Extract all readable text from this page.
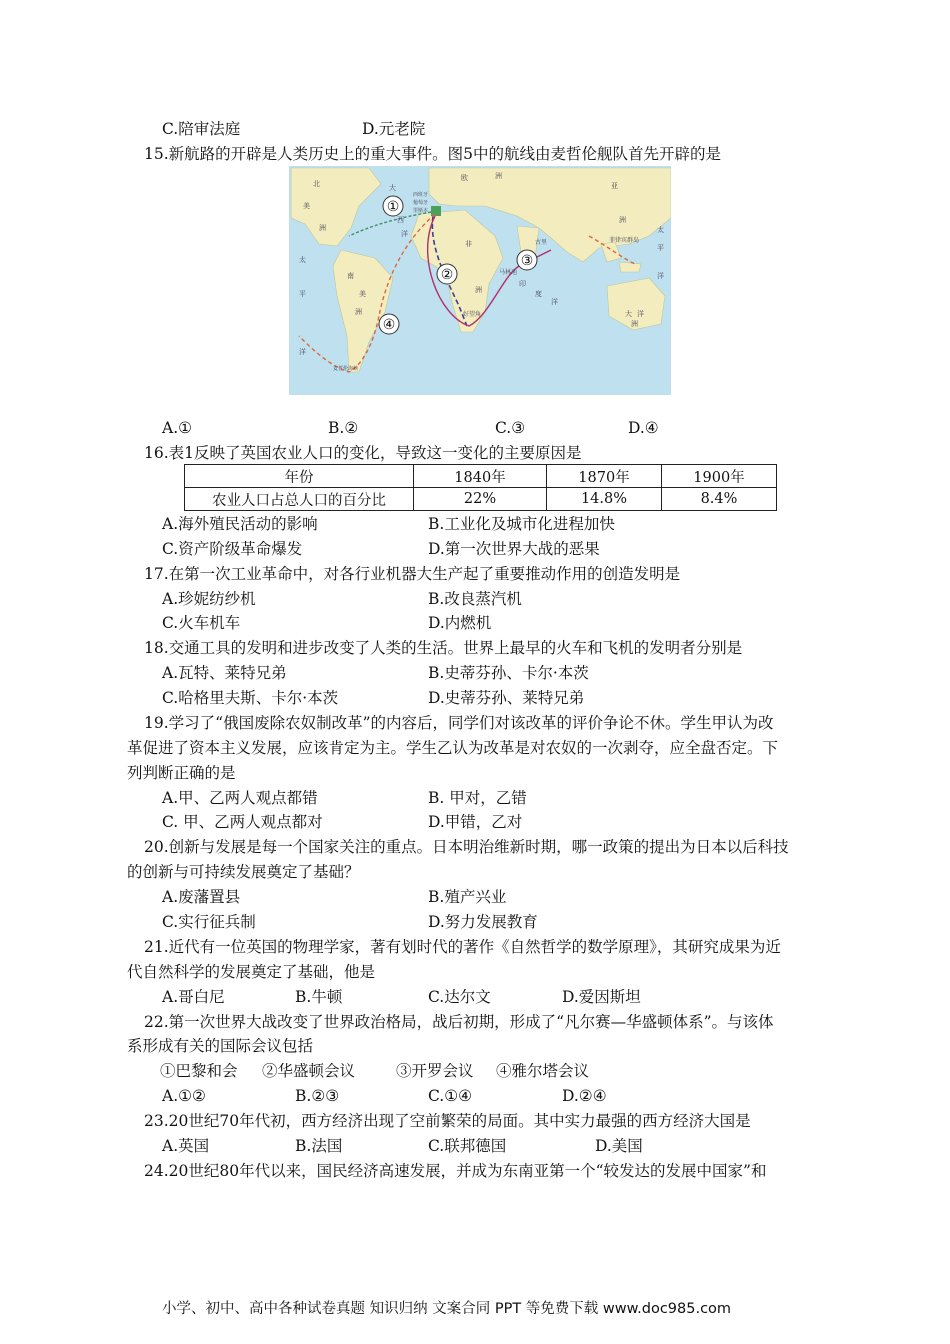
C.陪审法庭	D.元老院
15.新航路的开辟是人类历史上的重大事件。图5中的航线由麦哲伦舰队首先开辟的是
①
②
③
④
北
美
洲
南
美
洲
大
西
洋
欧	洲
非
洲
亚
洲
印
度
洋
太
平
洋
大 洋
洲
太
平
洋
西班牙
葡萄牙
里斯本
马林迪
古里
好望角
菲律宾群岛
麦哲伦海峡
A.①	B.②	C.③	D.④
16.表1反映了英国农业人口的变化，导致这一变化的主要原因是
年份	1840年	1870年	1900年
农业人口占总人口的百分比	22%	14.8%	8.4%
A.海外殖民活动的影响	B.工业化及城市化进程加快
C.资产阶级革命爆发	D.第一次世界大战的恶果
17.在第一次工业革命中，对各行业机器大生产起了重要推动作用的创造发明是
A.珍妮纺纱机	B.改良蒸汽机
C.火车机车	D.内燃机
18.交通工具的发明和进步改变了人类的生活。世界上最早的火车和飞机的发明者分别是
A.瓦特、莱特兄弟	B.史蒂芬孙、卡尔·本茨
C.哈格里夫斯、卡尔·本茨	D.史蒂芬孙、莱特兄弟
19.学习了“俄国废除农奴制改革”的内容后，同学们对该改革的评价争论不休。学生甲认为改
革促进了资本主义发展，应该肯定为主。学生乙认为改革是对农奴的一次剥夺，应全盘否定。下
列判断正确的是
A.甲、乙两人观点都错	B. 甲对，乙错
C. 甲、乙两人观点都对	D.甲错，乙对
20.创新与发展是每一个国家关注的重点。日本明治维新时期，哪一政策的提出为日本以后科技
的创新与可持续发展奠定了基础？
A.废藩置县	B.殖产兴业
C.实行征兵制	D.努力发展教育
21.近代有一位英国的物理学家，著有划时代的著作《自然哲学的数学原理》，其研究成果为近
代自然科学的发展奠定了基础，他是
A.哥白尼	B.牛顿	C.达尔文	D.爱因斯坦
22.第一次世界大战改变了世界政治格局，战后初期，形成了“凡尔赛—华盛顿体系”。与该体
系形成有关的国际会议包括
①巴黎和会 ②华盛顿会议	③开罗会议 ④雅尔塔会议
A.①②	B.②③	C.①④	D.②④
23.20世纪70年代初，西方经济出现了空前繁荣的局面。其中实力最强的西方经济大国是
A.英国	B.法国	C.联邦德国	D.美国
24.20世纪80年代以来，国民经济高速发展，并成为东南亚第一个“较发达的发展中国家”和
小学、初中、高中各种试卷真题 知识归纳 文案合同 PPT 等免费下载 www.doc985.com
